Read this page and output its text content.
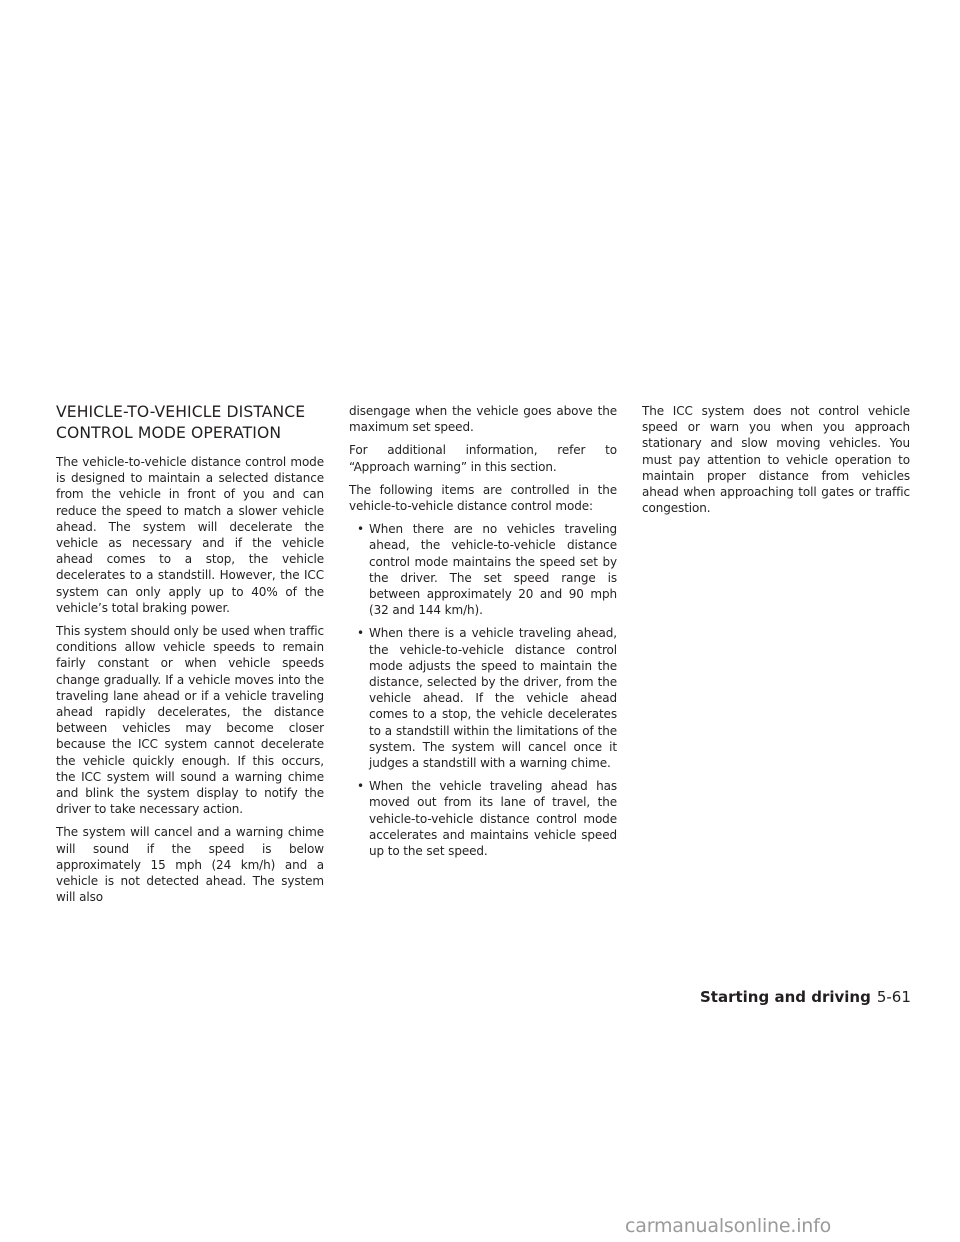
VEHICLE-TO-VEHICLE DISTANCE
CONTROL MODE OPERATION

The vehicle-to-vehicle distance control mode is designed to maintain a selected distance from the vehicle in front of you and can reduce the speed to match a slower vehicle ahead. The system will decelerate the vehicle as necessary and if the vehicle ahead comes to a stop, the vehicle decelerates to a standstill. However, the ICC system can only apply up to 40% of the vehicle’s total braking power.

This system should only be used when traffic conditions allow vehicle speeds to remain fairly constant or when vehicle speeds change gradually. If a vehicle moves into the traveling lane ahead or if a vehicle traveling ahead rapidly decelerates, the distance between vehicles may become closer because the ICC system cannot decelerate the vehicle quickly enough. If this occurs, the ICC system will sound a warning chime and blink the system display to notify the driver to take necessary action.

The system will cancel and a warning chime will sound if the speed is below approximately 15 mph (24 km/h) and a vehicle is not detected ahead. The system will also

disengage when the vehicle goes above the maximum set speed.

For additional information, refer to “Approach warning” in this section.

The following items are controlled in the vehicle-to-vehicle distance control mode:

• When there are no vehicles traveling ahead, the vehicle-to-vehicle distance control mode maintains the speed set by the driver. The set speed range is between approximately 20 and 90 mph (32 and 144 km/h).
• When there is a vehicle traveling ahead, the vehicle-to-vehicle distance control mode adjusts the speed to maintain the distance, selected by the driver, from the vehicle ahead. If the vehicle ahead comes to a stop, the vehicle decelerates to a standstill within the limitations of the system. The system will cancel once it judges a standstill with a warning chime.
• When the vehicle traveling ahead has moved out from its lane of travel, the vehicle-to-vehicle distance control mode accelerates and maintains vehicle speed up to the set speed.

The ICC system does not control vehicle speed or warn you when you approach stationary and slow moving vehicles. You must pay attention to vehicle operation to maintain proper distance from vehicles ahead when approaching toll gates or traffic congestion.

Starting and driving 5-61
carmanualsonline.info
